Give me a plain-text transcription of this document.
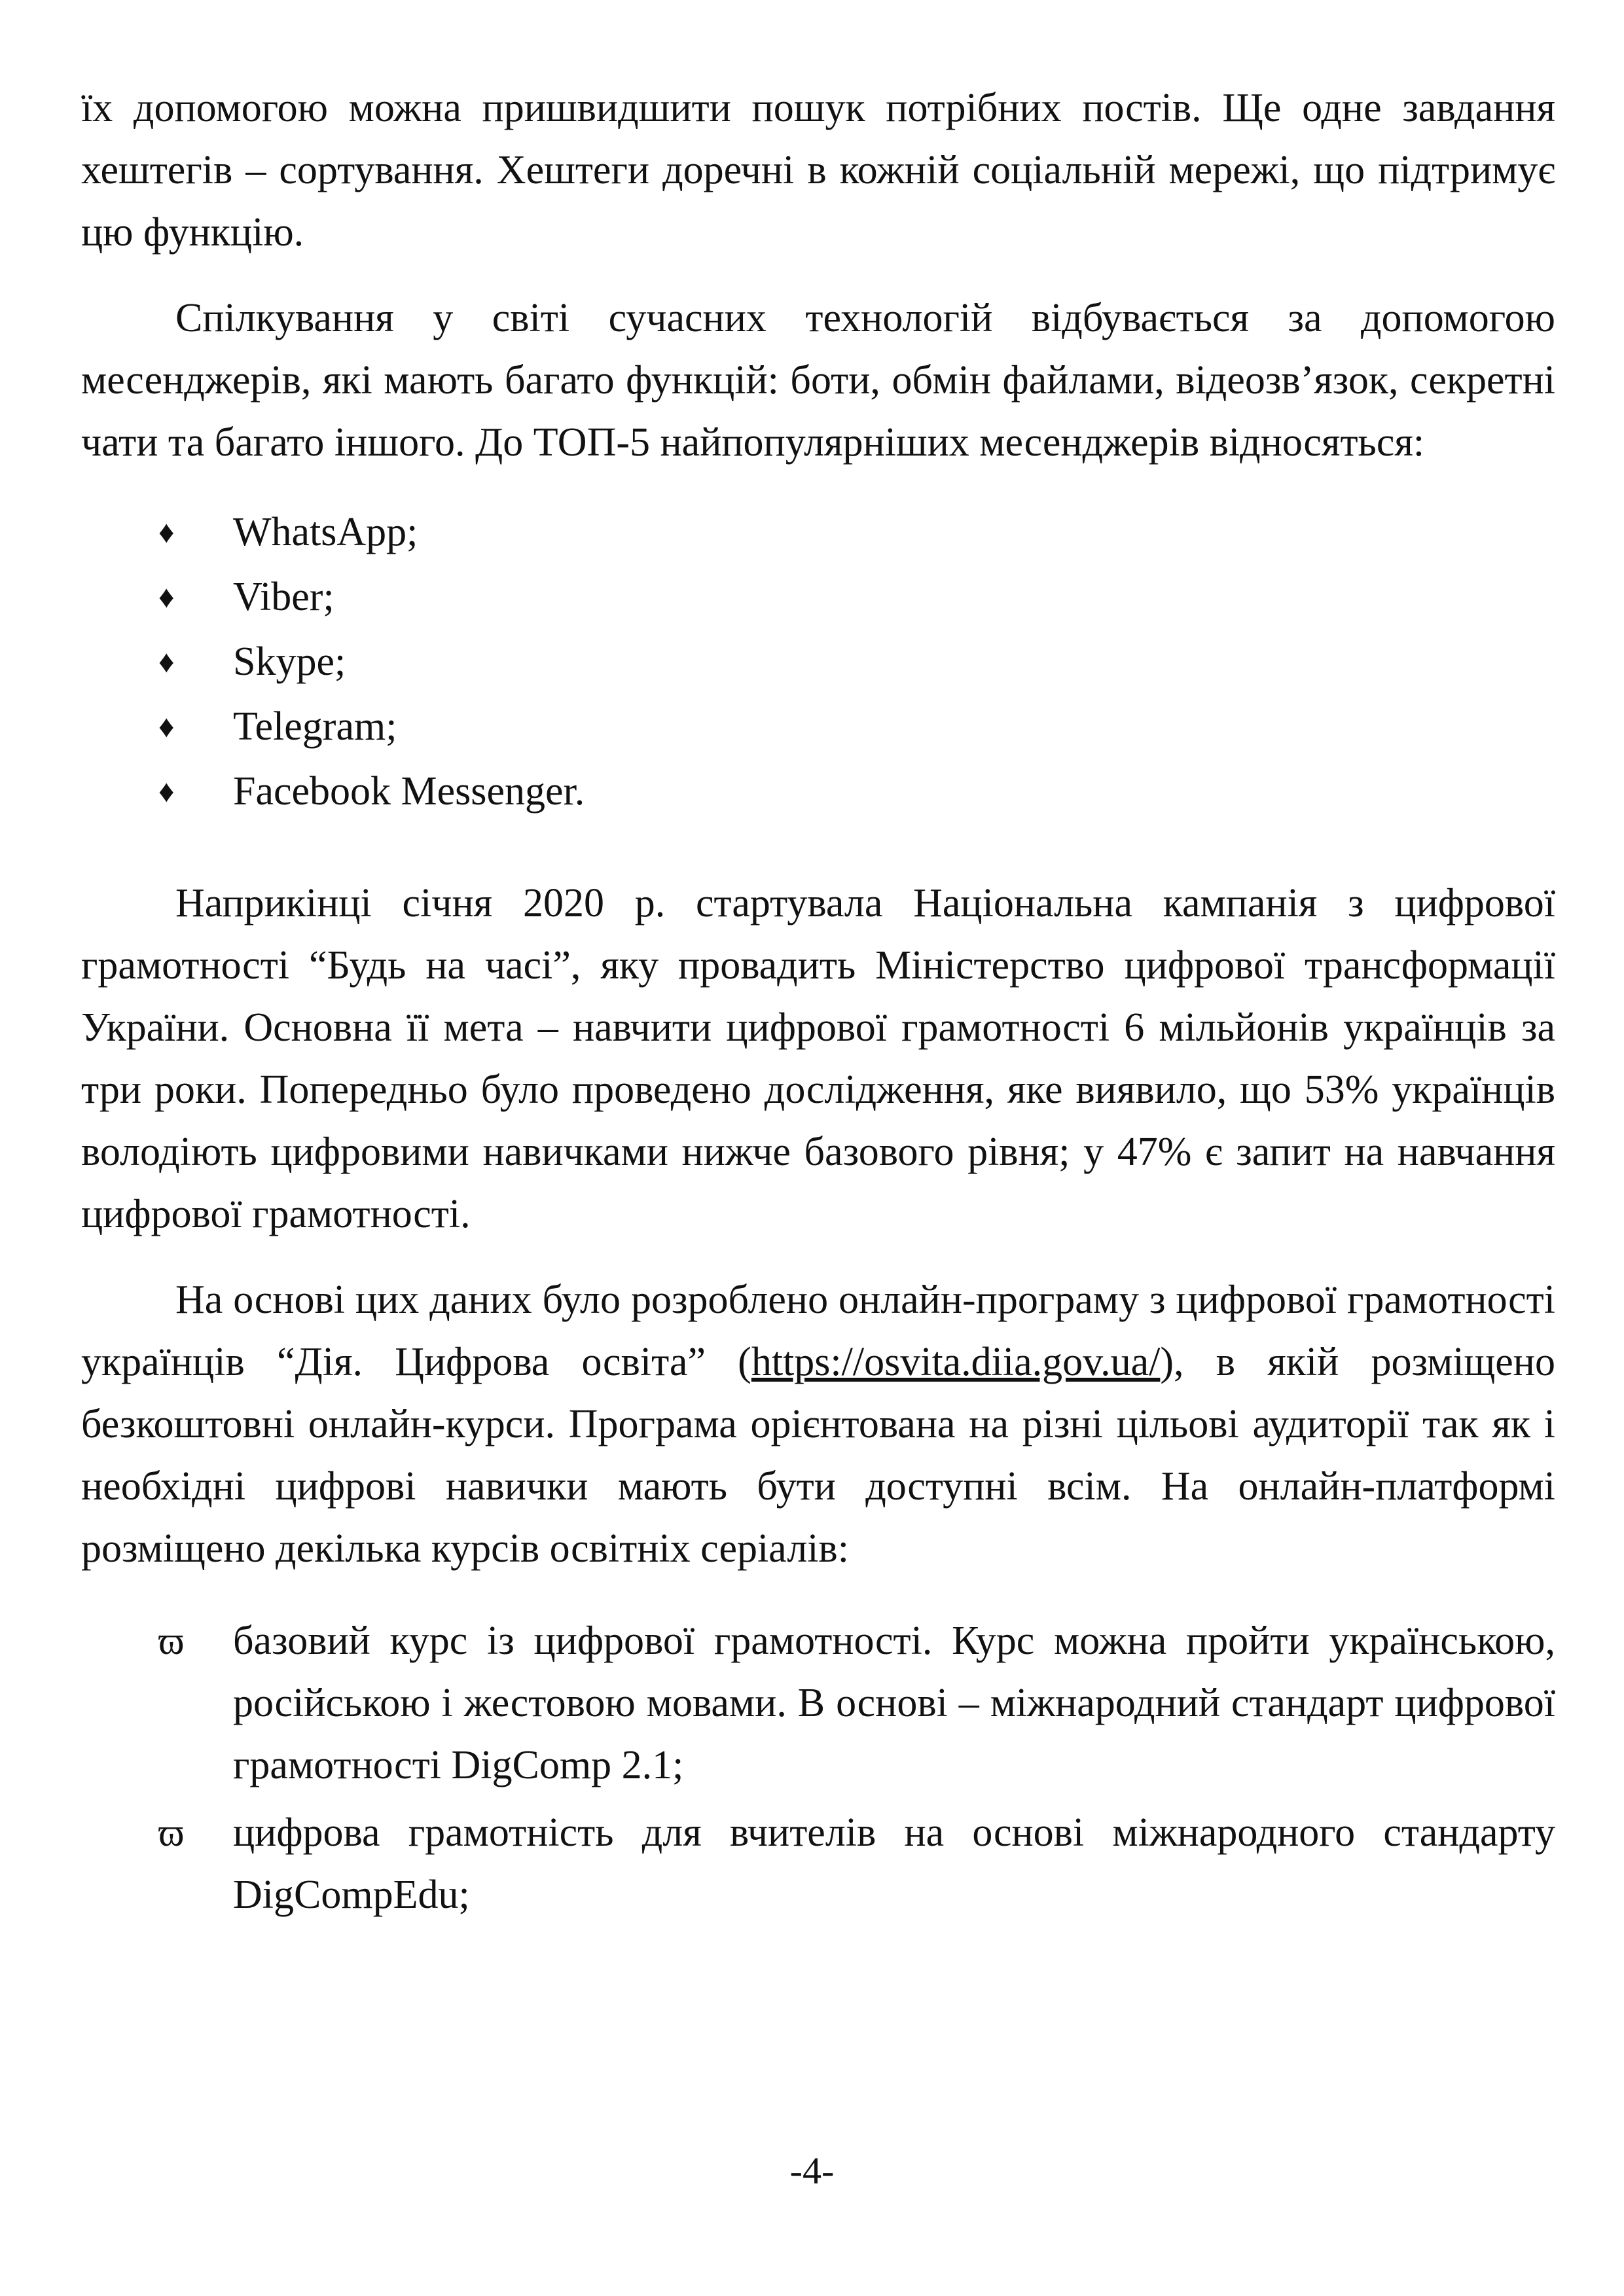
їх допомогою можна пришвидшити пошук потрібних постів. Ще одне завдання хештегів – сортування. Хештеги доречні в кожній соціальній мережі, що підтримує цю функцію.

Спілкування у світі сучасних технологій відбувається за допомогою месенджерів, які мають багато функцій: боти, обмін файлами, відеозв’язок, секретні чати та багато іншого. До ТОП-5 найпопулярніших месенджерів відносяться:

♦ WhatsApp;
♦ Viber;
♦ Skype;
♦ Telegram;
♦ Facebook Messenger.

Наприкінці січня 2020 р. стартувала Національна кампанія з цифрової грамотності “Будь на часі”, яку провадить Міністерство цифрової трансформації України. Основна її мета – навчити цифрової грамотності 6 мільйонів українців за три роки. Попередньо було проведено дослідження, яке виявило, що 53% українців володіють цифровими навичками нижче базового рівня; у 47% є запит на навчання цифрової грамотності.

На основі цих даних було розроблено онлайн-програму з цифрової грамотності українців “Дія. Цифрова освіта” (https://osvita.diia.gov.ua/), в якій розміщено безкоштовні онлайн-курси. Програма орієнтована на різні цільові аудиторії так як і необхідні цифрові навички мають бути доступні всім. На онлайн-платформі розміщено декілька курсів освітніх серіалів:

ϖ базовий курс із цифрової грамотності. Курс можна пройти українською, російською і жестовою мовами. В основі – міжнародний стандарт цифрової грамотності DigComp 2.1;
ϖ цифрова грамотність для вчителів на основі міжнародного стандарту DigCompEdu;
-4-
